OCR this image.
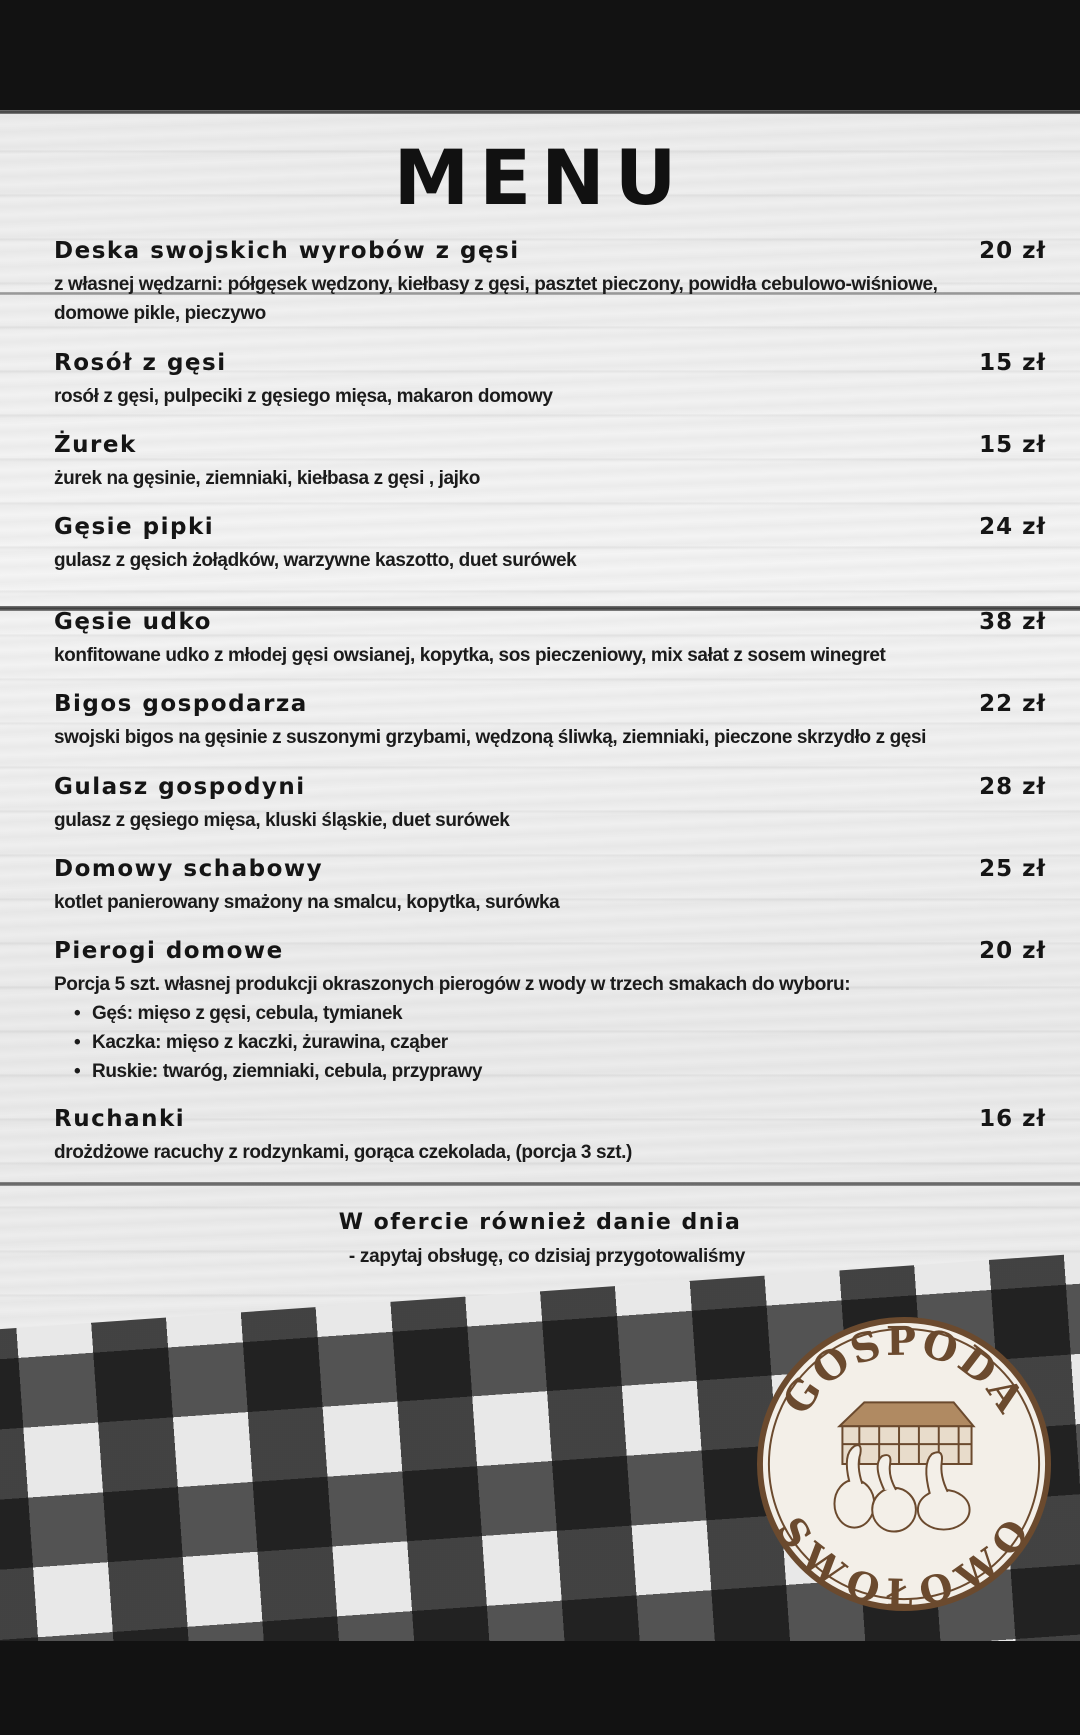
MENU
Deska swojskich wyrobów z gęsi	20 zł
z własnej wędzarni: półgęsek wędzony, kiełbasy z gęsi, pasztet pieczony, powidła cebulowo-wiśniowe,
domowe pikle, pieczywo
Rosół z gęsi	15 zł
rosół z gęsi, pulpeciki z gęsiego mięsa, makaron domowy
Żurek	15 zł
żurek na gęsinie, ziemniaki, kiełbasa z gęsi , jajko
Gęsie pipki	24 zł
gulasz z gęsich żołądków, warzywne kaszotto, duet surówek
Gęsie udko	38 zł
konfitowane udko z młodej gęsi owsianej, kopytka, sos pieczeniowy, mix sałat z sosem winegret
Bigos gospodarza	22 zł
swojski bigos na gęsinie z suszonymi grzybami, wędzoną śliwką, ziemniaki, pieczone skrzydło z gęsi
Gulasz gospodyni	28 zł
gulasz z gęsiego mięsa, kluski śląskie, duet surówek
Domowy schabowy	25 zł
kotlet panierowany smażony na smalcu, kopytka, surówka
Pierogi domowe	20 zł
Porcja 5 szt. własnej produkcji okraszonych pierogów z wody w trzech smakach do wyboru:
• Gęś: mięso z gęsi, cebula, tymianek
• Kaczka: mięso z kaczki, żurawina, cząber
• Ruskie: twaróg, ziemniaki, cebula, przyprawy
Ruchanki	16 zł
drożdżowe racuchy z rodzynkami, gorąca czekolada, (porcja 3 szt.)
W ofercie również danie dnia
- zapytaj obsługę, co dzisiaj przygotowaliśmy
GOSPODA
SWOŁOWO
